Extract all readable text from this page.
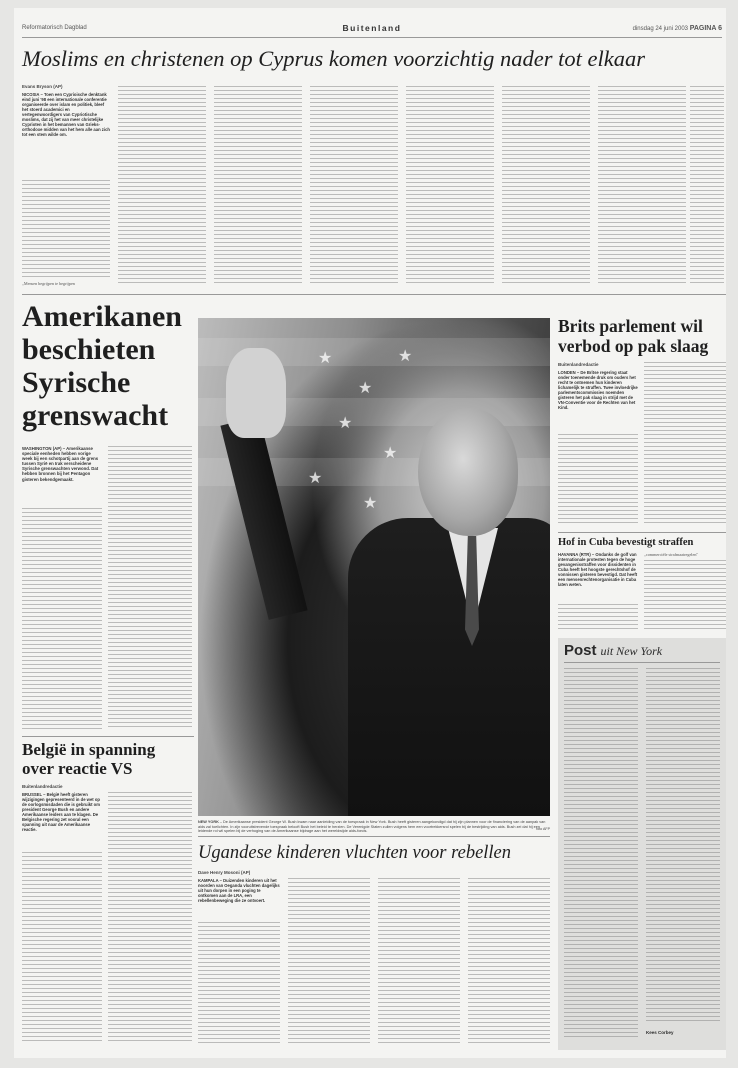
Reformatorisch Dagblad	Buitenland	dinsdag 24 juni 2003 PAGINA 6
Moslims en christenen op Cyprus komen voorzichtig nader tot elkaar
Evans Bryson (AP)
NICOSIA – Toen een Cyprioische denktank eind juni '98 een internationale conferentie organiseerde over islam en politiek, bleef het stoerd academici en vertegenwoordigers van Cypriotische moslims, dat zij het van meer christelijke Cyprioten in het bemannen van Grieks-orthodoxe midden van het hem alle aan zich tot een stem wilde om.
„Mensen begrijpen te begrijpen
Amerikanen
beschieten
Syrische
grenswacht
WASHINGTON (AP) – Amerikaanse speciale eenheden hebben vorige week bij een schotpartij aan de grens tussen Syrië en Irak verscheidene Syrische grenswachten verwond. Dat hebben bronnen bij het Pentagon gisteren bekendgemaakt.
België in spanning
over reactie VS
Buitenlandredactie
BRUSSEL – België heeft gisteren wijzigingen gepresenteerd in de wet op de oorlogsmisdaden die is gebruikt om president George Bush en andere Amerikaanse leiders aan te klagen. De Belgische regering zet vooral een spanning uit naar de Amerikaanse reactie.
★
★
★
★
★
★
★
NEW YORK – De Amerikaanse president George W. Bush kwam naar aanleiding van de toespraak in New York. Bush heeft gisteren aangekondigd dat hij zijn plannen voor de financiering van de aanpak van aids zal toelichten. In zijn vooruitstrevende toespraak belooft Bush het beleid te herzien. De Verenigde Staten zullen volgens hem een voortrekkersrol spelen bij de bestrijding van aids. Bush zei dat hij een leidende rol wil spelen bij de verhoging van de Amerikaanse bijdrage aan het wereldwijde aids-fonds.	foto AFP
Ugandese kinderen vluchten voor rebellen
Dave Henry Mosoni (AP)
KAMPALA – Duizenden kinderen uit het noorden van Oeganda vluchten dagelijks uit hun dorpen in een poging te ontkomen aan de LRA, een rebellenbeweging die ze ontvoert.
Brits parlement wil
verbod op pak slaag
Buitenlandredactie
LONDEN – De Britse regering staat onder toenemende druk om ouders het recht te ontnemen hun kinderen lichamelijk te straffen. Twee invloedrijke parlementscommissies noemden gisteren het pak slaag in strijd met de VN-Conventie voor de Rechten van het Kind.
Hof in Cuba bevestigt straffen
HAVANNA (RTR) – Ondanks de golf van internationale protesten tegen de hoge gevangenisstraffen voor dissidenten in Cuba heeft het hoogste gerechtshof de vonnissen gisteren bevestigd. Dat heeft een mensenrechtenorganisatie in Cuba laten weten.
„commerciële strafmaatregelen"
Post uit New York
Kees Corbey
